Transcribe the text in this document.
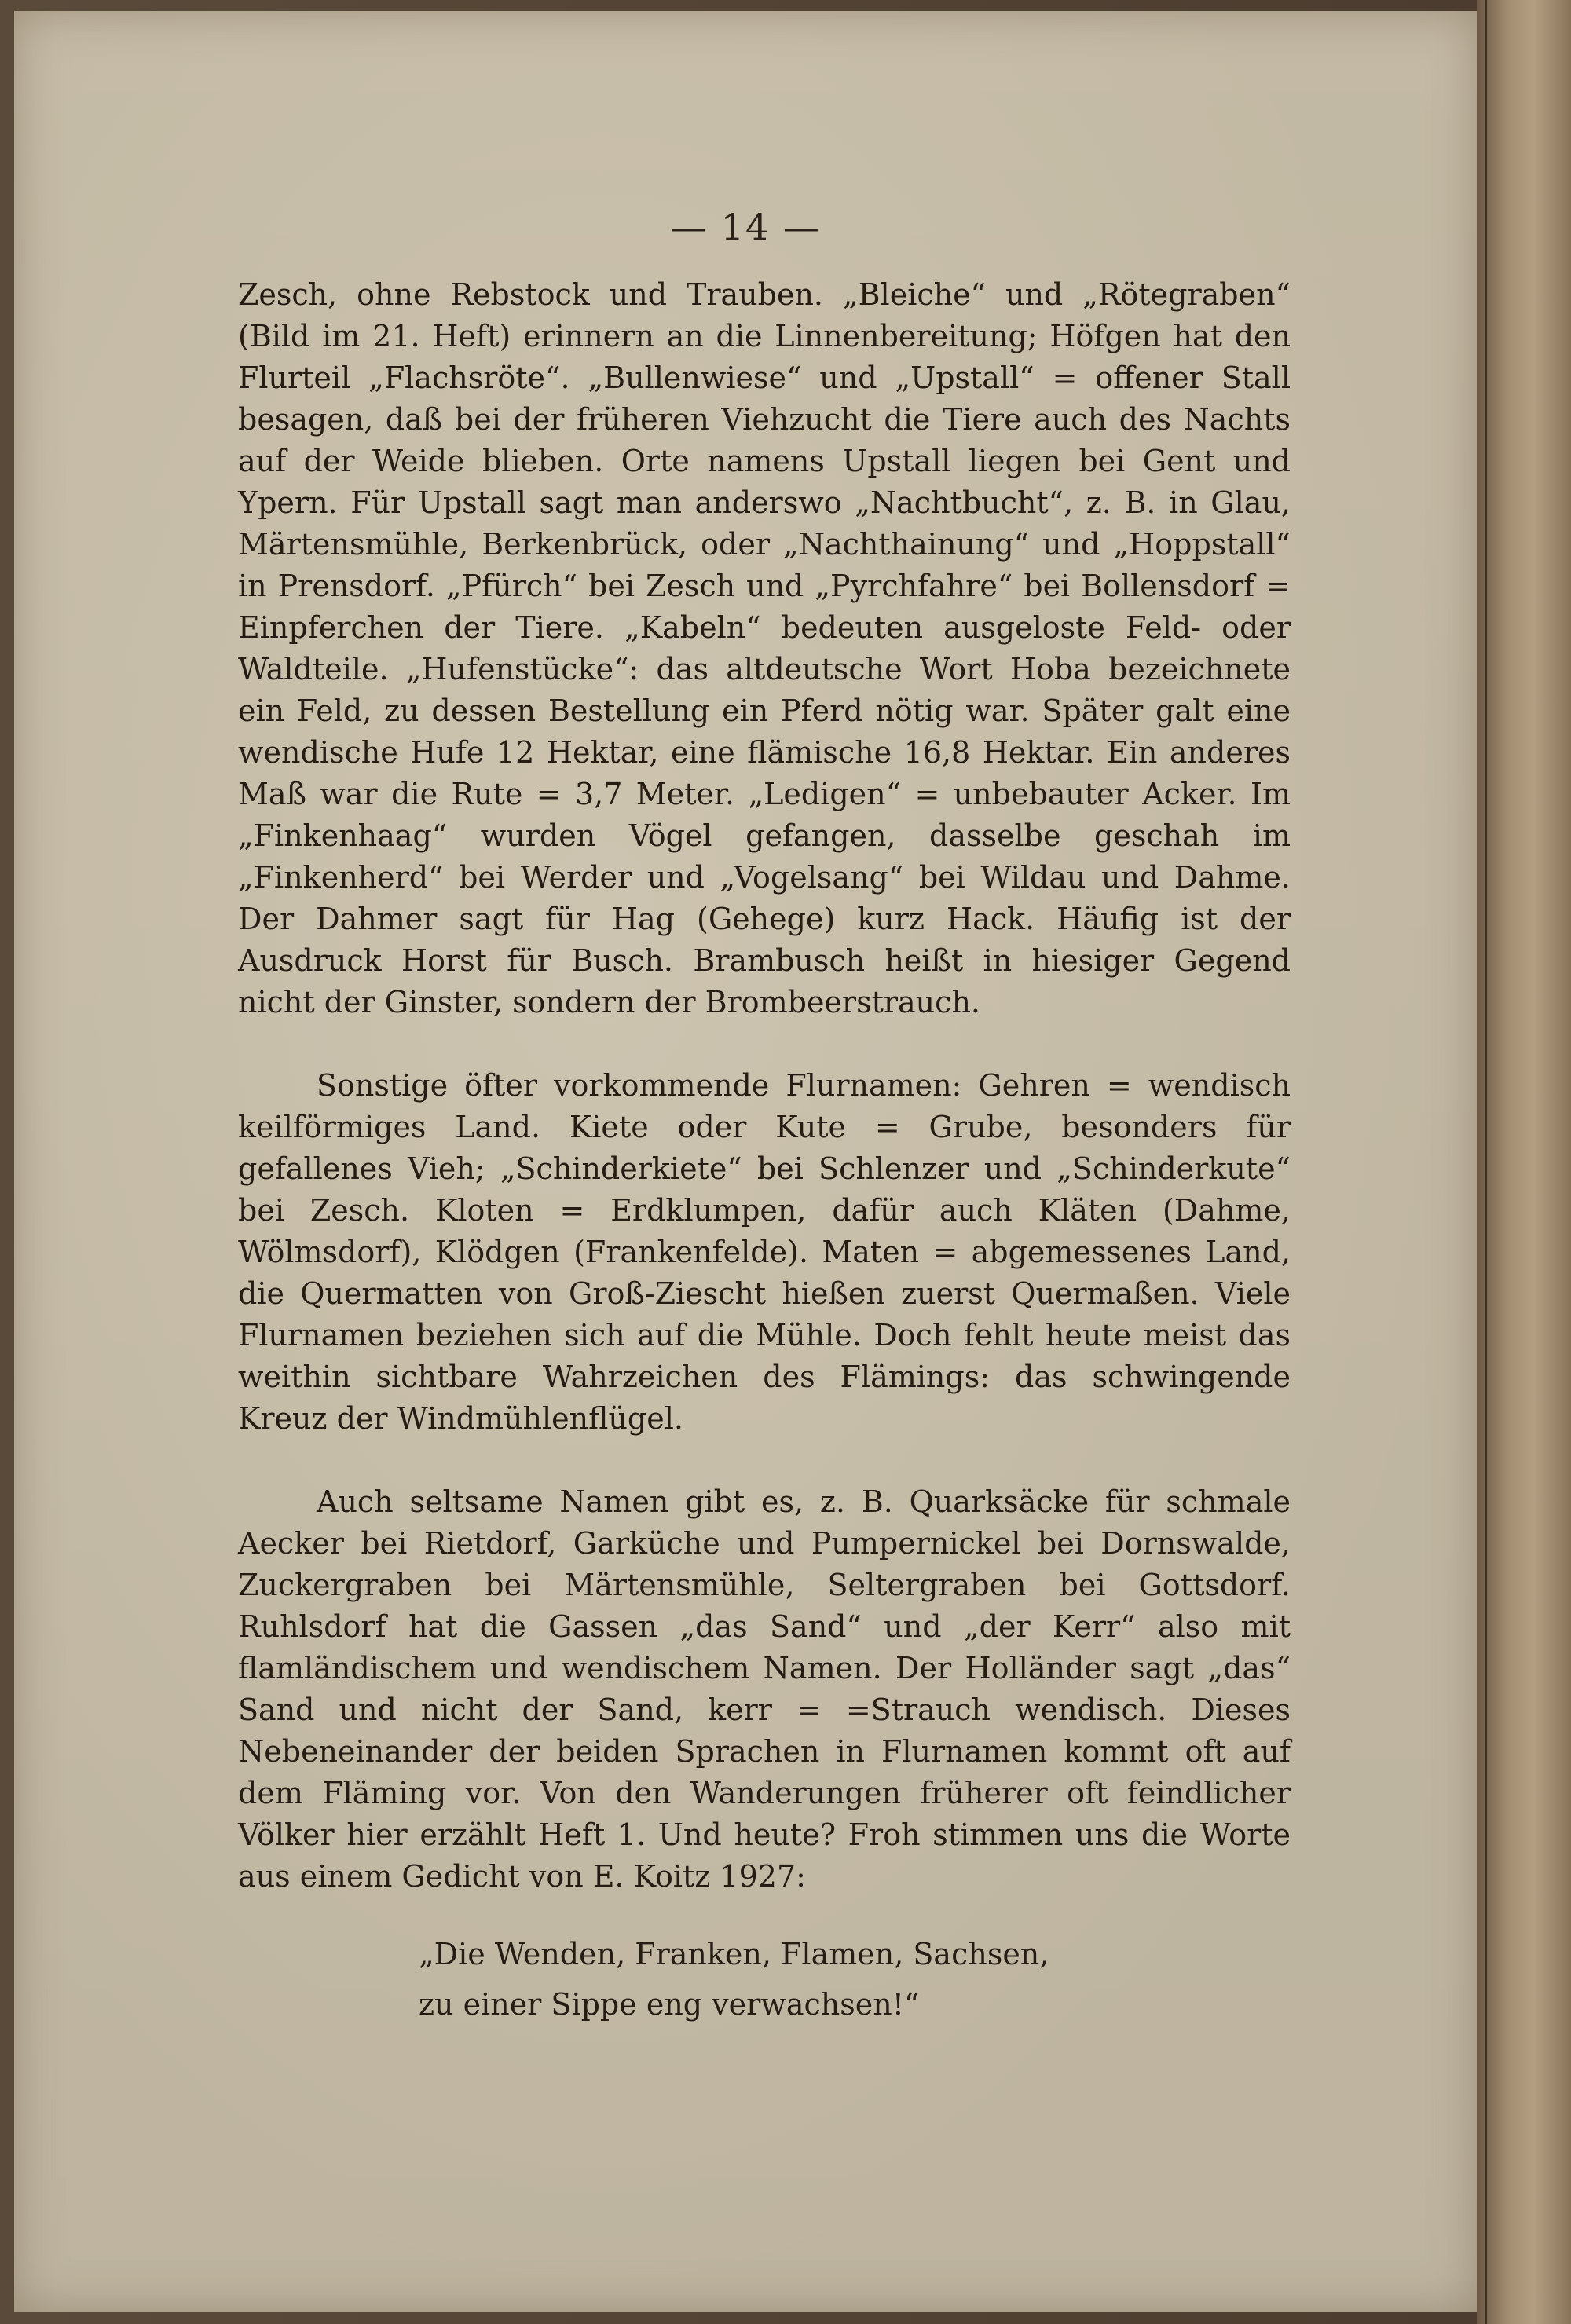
— 14 —

Zesch, ohne Rebstock und Trauben. „Bleiche“ und „Rötegraben“ (Bild im 21. Heft) erinnern an die Linnenbereitung; Höfgen hat den Flurteil „Flachsröte“. „Bullenwiese“ und „Upstall“ = offener Stall besagen, daß bei der früheren Viehzucht die Tiere auch des Nachts auf der Weide blieben. Orte namens Upstall liegen bei Gent und Ypern. Für Upstall sagt man anderswo „Nachtbucht“, z. B. in Glau, Märtensmühle, Berkenbrück, oder „Nachthainung“ und „Hoppstall“ in Prensdorf. „Pfürch“ bei Zesch und „Pyrchfahre“ bei Bollensdorf = Einpferchen der Tiere. „Kabeln“ bedeuten ausgeloste Feld- oder Waldteile. „Hufenstücke“: das altdeutsche Wort Hoba bezeichnete ein Feld, zu dessen Bestellung ein Pferd nötig war. Später galt eine wendische Hufe 12 Hektar, eine flämische 16,8 Hektar. Ein anderes Maß war die Rute = 3,7 Meter. „Ledigen“ = unbebauter Acker. Im „Finkenhaag“ wurden Vögel gefangen, dasselbe geschah im „Finkenherd“ bei Werder und „Vogelsang“ bei Wildau und Dahme. Der Dahmer sagt für Hag (Gehege) kurz Hack. Häufig ist der Ausdruck Horst für Busch. Brambusch heißt in hiesiger Gegend nicht der Ginster, sondern der Brombeerstrauch.

Sonstige öfter vorkommende Flurnamen: Gehren = wendisch keilförmiges Land. Kiete oder Kute = Grube, besonders für gefallenes Vieh; „Schinderkiete“ bei Schlenzer und „Schinderkute“ bei Zesch. Kloten = Erdklumpen, dafür auch Kläten (Dahme, Wölmsdorf), Klödgen (Frankenfelde). Maten = abgemessenes Land, die Quermatten von Groß-Ziescht hießen zuerst Quermaßen. Viele Flurnamen beziehen sich auf die Mühle. Doch fehlt heute meist das weithin sichtbare Wahrzeichen des Flämings: das schwingende Kreuz der Windmühlenflügel.

Auch seltsame Namen gibt es, z. B. Quarksäcke für schmale Aecker bei Rietdorf, Garküche und Pumpernickel bei Dornswalde, Zuckergraben bei Märtensmühle, Seltergraben bei Gottsdorf. Ruhlsdorf hat die Gassen „das Sand“ und „der Kerr“ also mit flamländischem und wendischem Namen. Der Holländer sagt „das“ Sand und nicht der Sand, kerr = =Strauch wendisch. Dieses Nebeneinander der beiden Sprachen in Flurnamen kommt oft auf dem Fläming vor. Von den Wanderungen früherer oft feindlicher Völker hier erzählt Heft 1. Und heute? Froh stimmen uns die Worte aus einem Gedicht von E. Koitz 1927:

„Die Wenden, Franken, Flamen, Sachsen,
zu einer Sippe eng verwachsen!“
